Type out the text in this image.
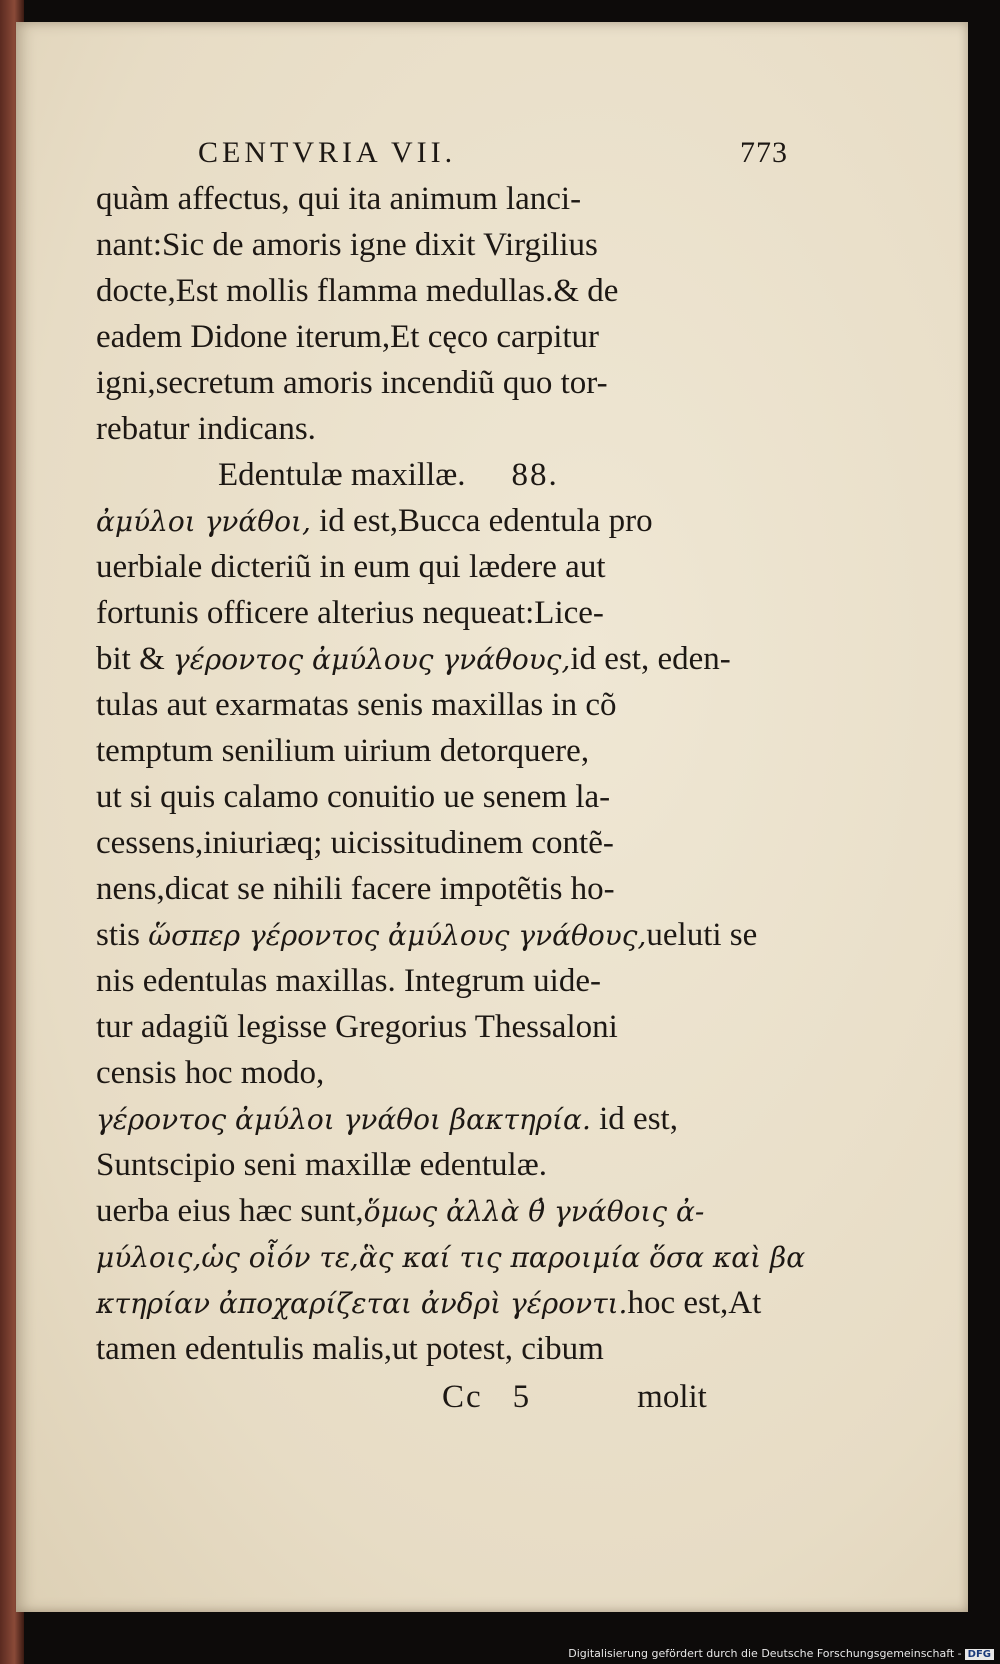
CENTVRIA VII.	773
quàm affectus, qui ita animum lanci-
nant:Sic de amoris igne dixit Virgilius
docte,Est mollis flamma medullas.& de
eadem Didone iterum,Et cęco carpitur
igni,secretum amoris incendiũ quo tor-
rebatur indicans.
Edentulæ maxillæ. 88.
ἀμύλοι γνάθοι, id est,Bucca edentula pro
uerbiale dicteriũ in eum qui lædere aut
fortunis officere alterius nequeat:Lice-
bit & γέροντος ἀμύλους γνάθους,id est, eden-
tulas aut exarmatas senis maxillas in cõ
temptum senilium uirium detorquere,
ut si quis calamo conuitio ue senem la-
cessens,iniuriæq; uicissitudinem contẽ-
nens,dicat se nihili facere impotẽtis ho-
stis ὥσπερ γέροντος ἀμύλους γνάθους,ueluti se
nis edentulas maxillas. Integrum uide-
tur adagiũ legisse Gregorius Thessaloni
censis hoc modo,
γέροντος ἀμύλοι γνάθοι βακτηρία. id est,
Suntscipio seni maxillæ edentulæ.
uerba eius hæc sunt,ὅμως ἀλλὰ θ̓ γνάθοις ἀ-
μύλοις,ὡς οἷόν τε,ἃς καί τις παροιμία ὅσα καὶ βα
κτηρίαν ἀποχαρίζεται ἀνδρὶ γέροντι.hoc est,At
tamen edentulis malis,ut potest, cibum
Cc 5	molit
Digitalisierung gefördert durch die Deutsche Forschungsgemeinschaft - DFG
